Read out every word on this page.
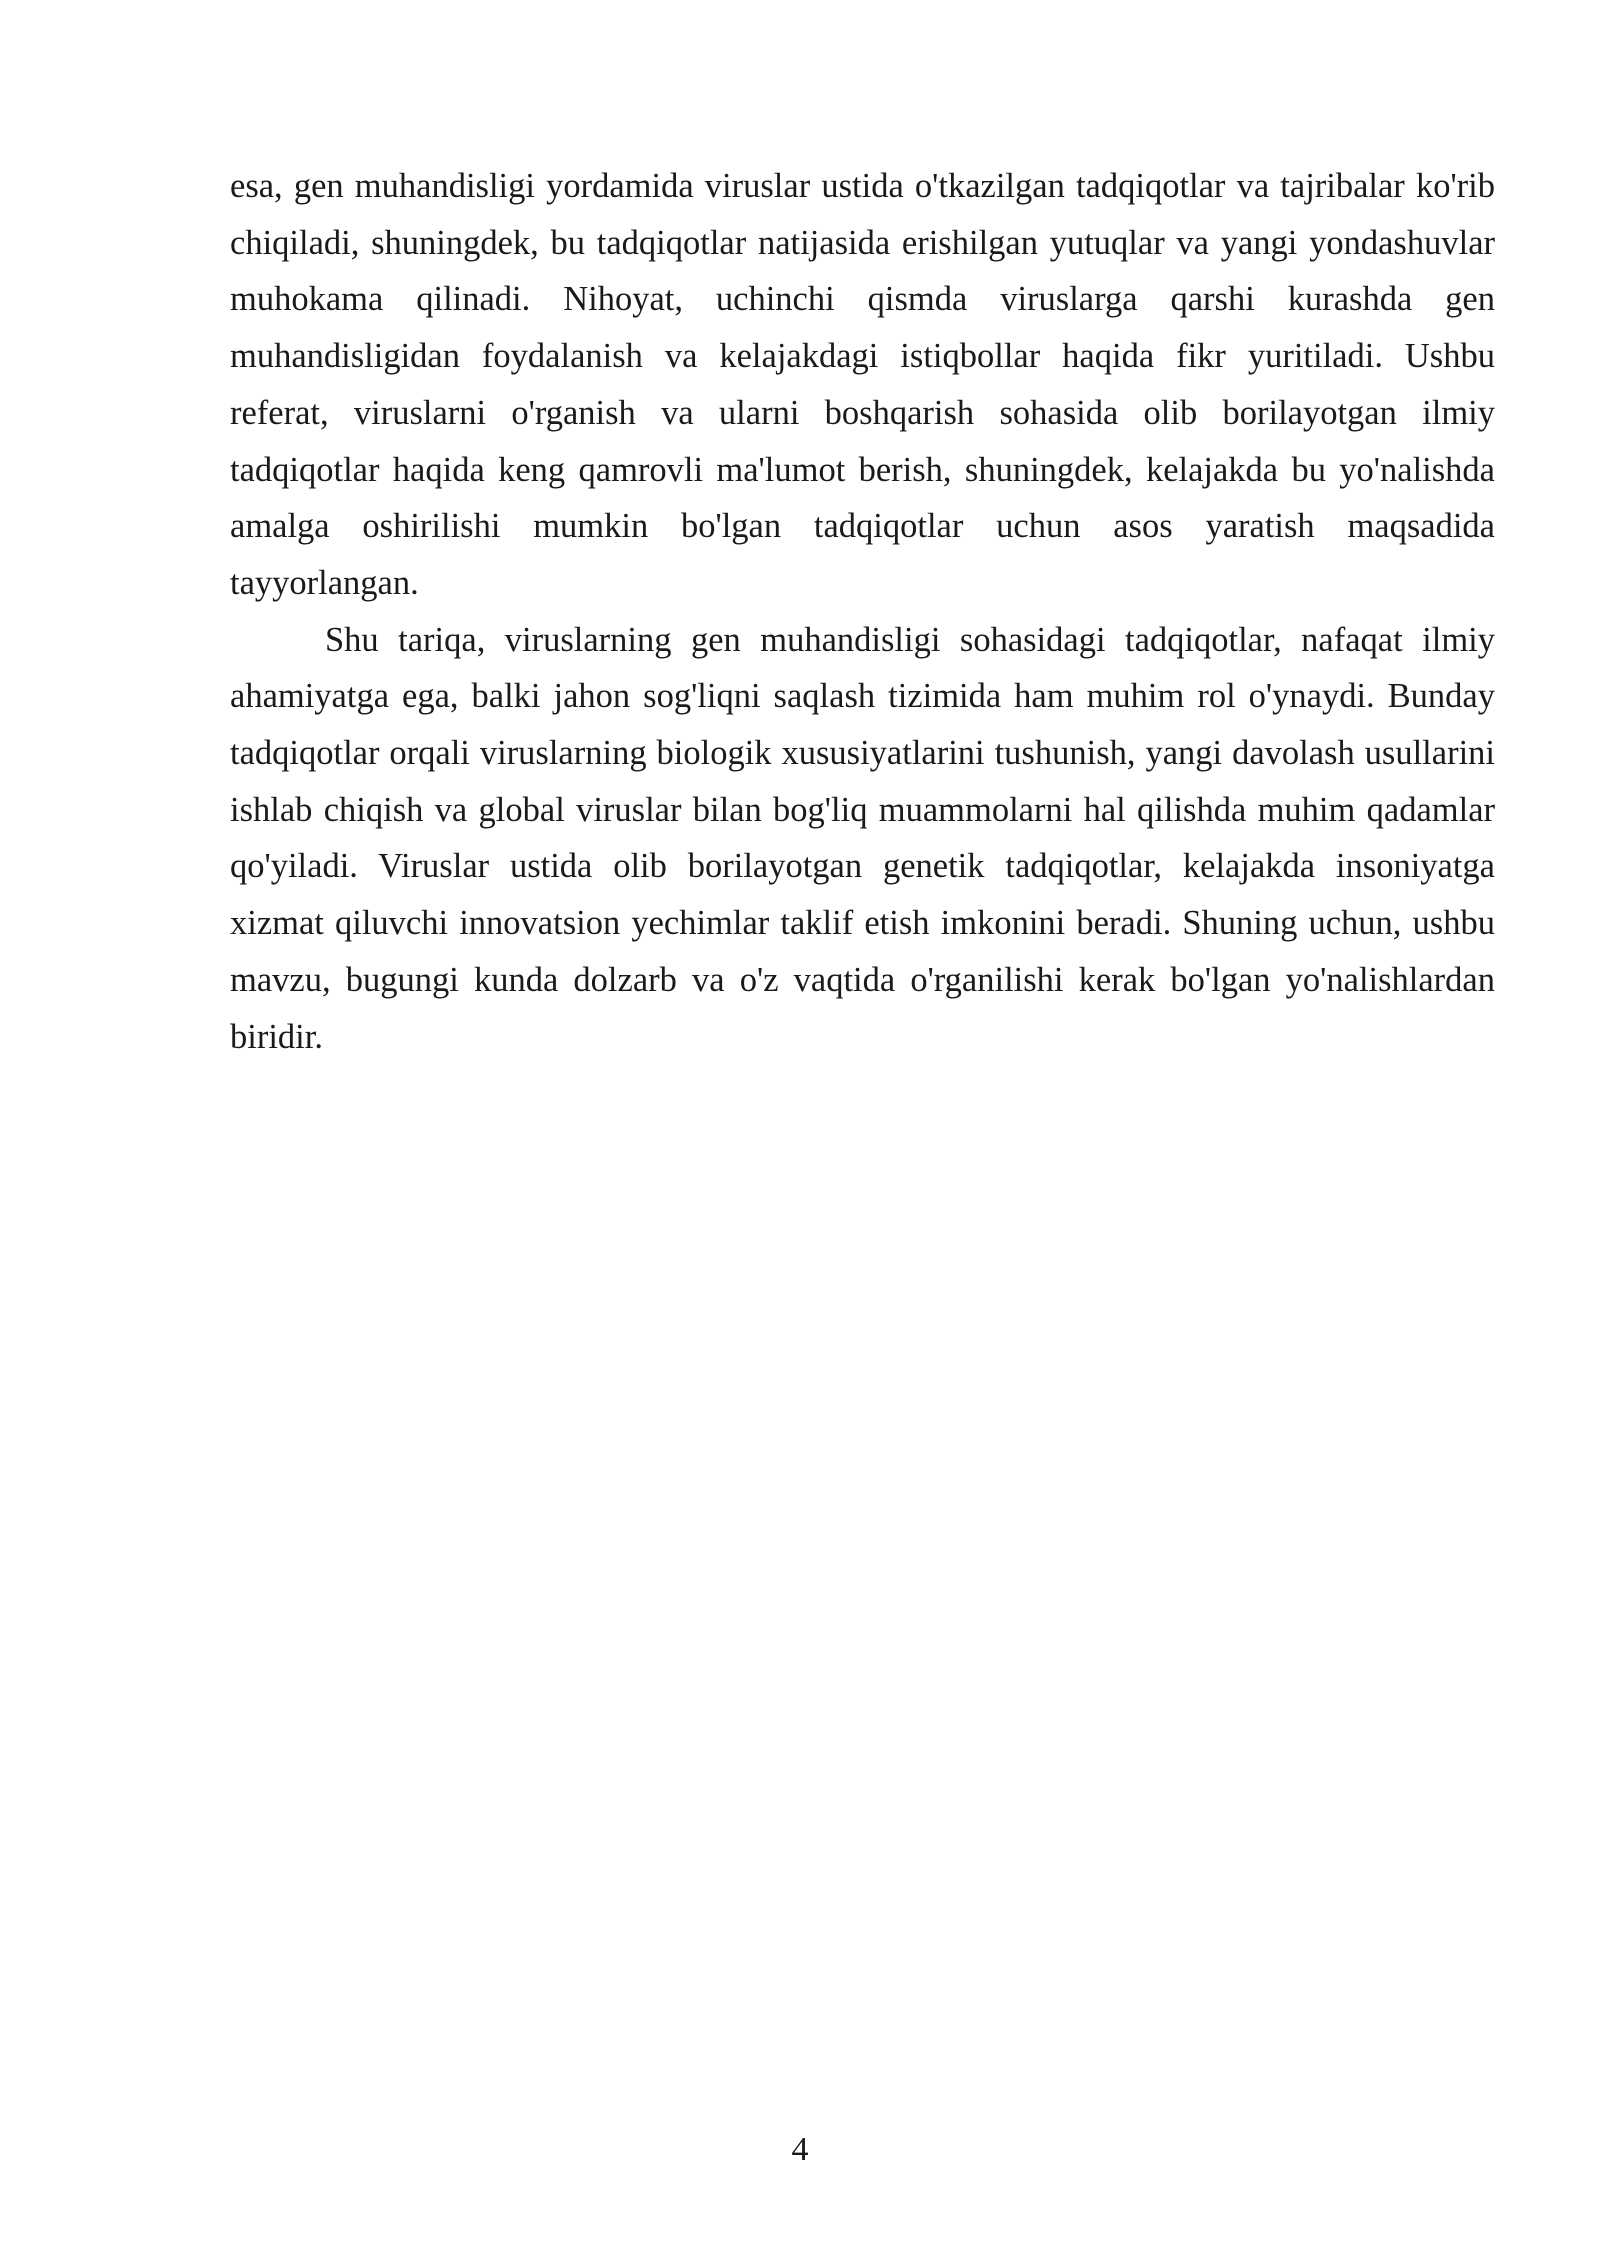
esa, gen muhandisligi yordamida viruslar ustida o'tkazilgan tadqiqotlar va tajribalar ko'rib chiqiladi, shuningdek, bu tadqiqotlar natijasida erishilgan yutuqlar va yangi yondashuvlar muhokama qilinadi. Nihoyat, uchinchi qismda viruslarga qarshi kurashda gen muhandisligidan foydalanish va kelajakdagi istiqbollar haqida fikr yuritiladi. Ushbu referat, viruslarni o'rganish va ularni boshqarish sohasida olib borilayotgan ilmiy tadqiqotlar haqida keng qamrovli ma'lumot berish, shuningdek, kelajakda bu yo'nalishda amalga oshirilishi mumkin bo'lgan tadqiqotlar uchun asos yaratish maqsadida tayyorlangan.

Shu tariqa, viruslarning gen muhandisligi sohasidagi tadqiqotlar, nafaqat ilmiy ahamiyatga ega, balki jahon sog'liqni saqlash tizimida ham muhim rol o'ynaydi. Bunday tadqiqotlar orqali viruslarning biologik xususiyatlarini tushunish, yangi davolash usullarini ishlab chiqish va global viruslar bilan bog'liq muammolarni hal qilishda muhim qadamlar qo'yiladi. Viruslar ustida olib borilayotgan genetik tadqiqotlar, kelajakda insoniyatga xizmat qiluvchi innovatsion yechimlar taklif etish imkonini beradi. Shuning uchun, ushbu mavzu, bugungi kunda dolzarb va o'z vaqtida o'rganilishi kerak bo'lgan yo'nalishlardan biridir.

4
